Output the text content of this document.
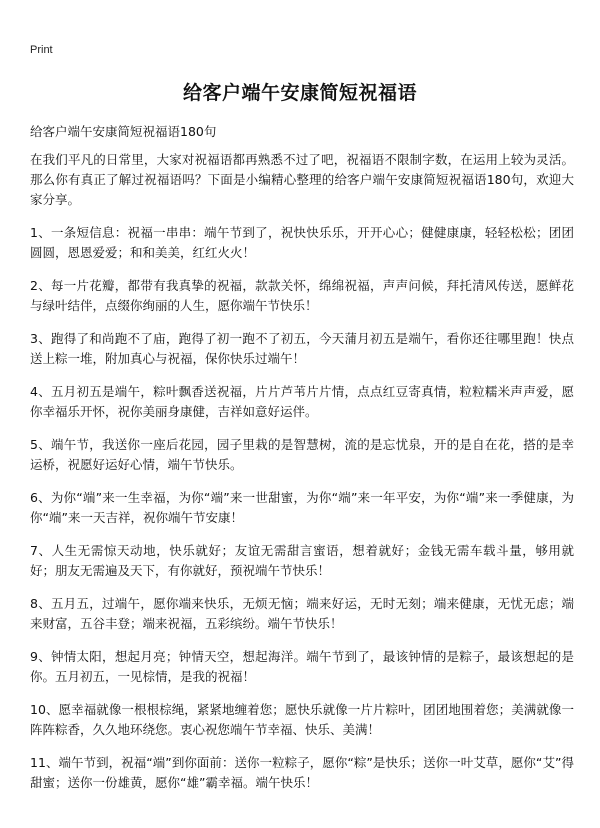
Print
给客户端午安康简短祝福语
给客户端午安康简短祝福语180句

在我们平凡的日常里，大家对祝福语都再熟悉不过了吧，祝福语不限制字数，在运用上较为灵活。那么你有真正了解过祝福语吗？下面是小编精心整理的给客户端午安康简短祝福语180句，欢迎大家分享。

1、一条短信息：祝福一串串：端午节到了，祝快快乐乐，开开心心；健健康康，轻轻松松；团团圆圆，恩恩爱爱；和和美美，红红火火！

2、每一片花瓣，都带有我真挚的祝福，款款关怀，绵绵祝福，声声问候，拜托清风传送，愿鲜花与绿叶结伴，点缀你绚丽的人生，愿你端午节快乐！

3、跑得了和尚跑不了庙，跑得了初一跑不了初五，今天蒲月初五是端午，看你还往哪里跑！快点送上粽一堆，附加真心与祝福，保你快乐过端午！

4、五月初五是端午，粽叶飘香送祝福，片片芦苇片片情，点点红豆寄真情，粒粒糯米声声爱，愿你幸福乐开怀，祝你美丽身康健，吉祥如意好运伴。

5、端午节，我送你一座后花园，园子里栽的是智慧树，流的是忘忧泉，开的是自在花，搭的是幸运桥，祝愿好运好心情，端午节快乐。

6、为你“端”来一生幸福，为你“端”来一世甜蜜，为你“端”来一年平安，为你“端”来一季健康，为你“端”来一天吉祥，祝你端午节安康！

7、人生无需惊天动地，快乐就好；友谊无需甜言蜜语，想着就好；金钱无需车载斗量，够用就好；朋友无需遍及天下，有你就好，预祝端午节快乐！

8、五月五，过端午，愿你端来快乐，无烦无恼；端来好运，无时无刻；端来健康，无忧无虑；端来财富，五谷丰登；端来祝福，五彩缤纷。端午节快乐！

9、钟情太阳，想起月亮；钟情天空，想起海洋。端午节到了，最该钟情的是粽子，最该想起的是你。五月初五，一见棕情，是我的祝福！

10、愿幸福就像一根根棕绳，紧紧地缠着您；愿快乐就像一片片粽叶，团团地围着您；美满就像一阵阵粽香，久久地环绕您。衷心祝您端午节幸福、快乐、美满！

11、端午节到，祝福“端”到你面前：送你一粒粽子，愿你“粽”是快乐；送你一叶艾草，愿你“艾”得甜蜜；送你一份雄黄，愿你“雄”霸幸福。端午快乐！
